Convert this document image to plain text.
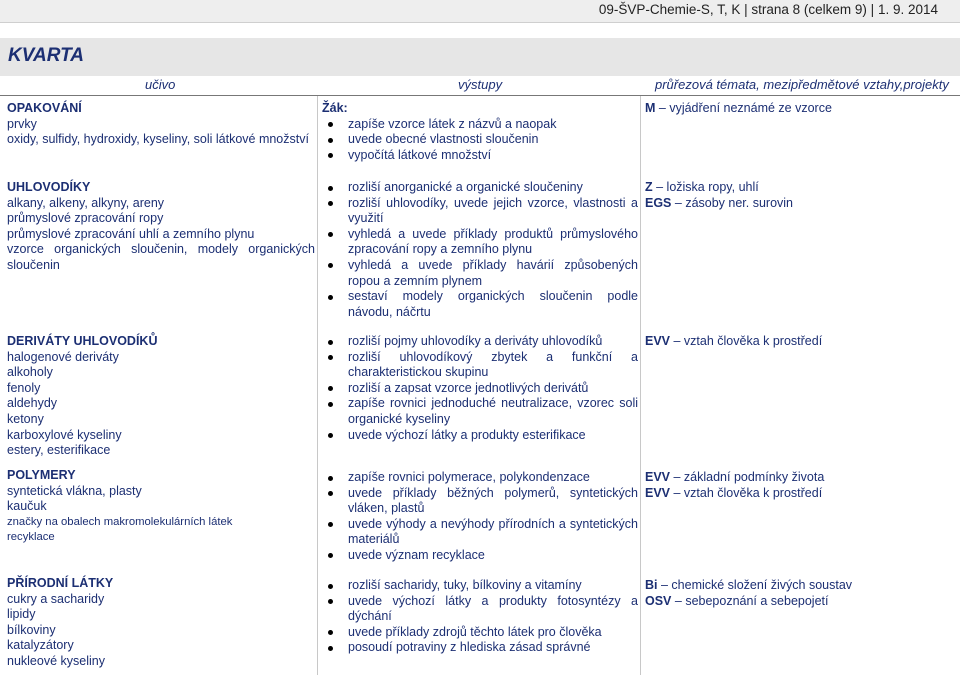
09-ŠVP-Chemie-S, T, K | strana 8 (celkem 9) | 1. 9. 2014
KVARTA
učivo	výstupy	průřezová témata, mezipředmětové vztahy,projekty
OPAKOVÁNÍ
prvky
oxidy, sulfidy, hydroxidy, kyseliny, soli látkové množství
Žák:
zapíše vzorce látek z názvů a naopak
uvede obecné vlastnosti sloučenin
vypočítá látkové množství
M – vyjádření neznámé ze vzorce
UHLOVODÍKY
alkany, alkeny, alkyny, areny
průmyslové zpracování ropy
průmyslové zpracování uhlí a zemního plynu
vzorce organických sloučenin, modely organických sloučenin
rozliší anorganické a organické sloučeniny
rozliší uhlovodíky, uvede jejich vzorce, vlastnosti a využití
vyhledá a uvede příklady produktů průmyslového zpracování ropy a zemního plynu
vyhledá a uvede příklady havárií způsobených ropou a zemním plynem
sestaví modely organických sloučenin podle návodu, náčrtu
Z – ložiska ropy, uhlí
EGS – zásoby ner. surovin
DERIVÁTY UHLOVODÍKŮ
halogenové deriváty
alkoholy
fenoly
aldehydy
ketony
karboxylové kyseliny
estery, esterifikace
rozliší pojmy uhlovodíky a deriváty uhlovodíků
rozliší uhlovodíkový zbytek a funkční a charakteristickou skupinu
rozliší a zapsat vzorce jednotlivých derivátů
zapíše rovnici jednoduché neutralizace, vzorec soli organické kyseliny
uvede výchozí látky a produkty esterifikace
EVV – vztah člověka k prostředí
POLYMERY
syntetická vlákna, plasty
kaučuk
značky na obalech makromolekulárních látek
recyklace
zapíše rovnici polymerace, polykondenzace
uvede příklady běžných polymerů, syntetických vláken, plastů
uvede výhody a nevýhody přírodních a syntetických materiálů
uvede význam recyklace
EVV – základní podmínky života
EVV – vztah člověka k prostředí
PŘÍRODNÍ LÁTKY
cukry a sacharidy
lipidy
bílkoviny
katalyzátory
nukleové kyseliny
rozliší sacharidy, tuky, bílkoviny a vitamíny
uvede výchozí látky a produkty fotosyntézy a dýchání
uvede příklady zdrojů těchto látek pro člověka
posoudí potraviny z hlediska zásad správné
Bi – chemické složení živých soustav
OSV – sebepoznání a sebepojetí
